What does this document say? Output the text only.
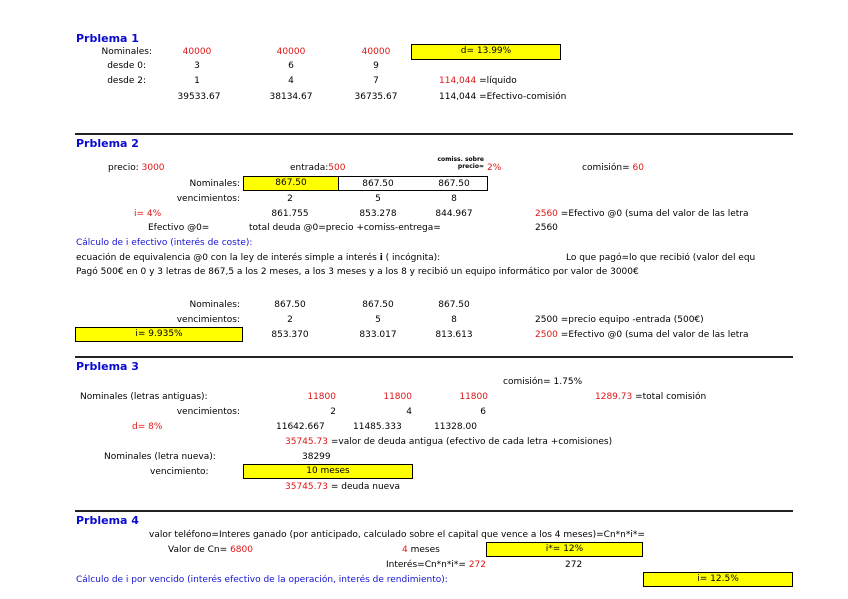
Prblema 1
Nominales:	40000	40000	40000	d= 13.99%
desde 0:	3	6	9
desde 2:	1	4	7	114,044 =líquido
39533.67	38134.67	36735.67	114,044 =Efectivo-comisión
Prblema 2
precio: 3000	entrada:500
comiss. sobre
precio= 2%	comisión= 60
Nominales:	867.50	867.50	867.50
vencimientos:	2	5	8
i= 4%	861.755	853.278	844.967	2560 =Efectivo @0 (suma del valor de las letra
Efectivo @0=	total deuda @0=precio +comiss-entrega=	2560
Cálculo de i efectivo (interés de coste):
ecuación de equivalencia @0 con la ley de interés simple a interés i ( incógnita):	Lo que pagó=lo que recibió (valor del equ
Pagó 500€ en 0 y 3 letras de 867,5 a los 2 meses, a los 3 meses y a los 8 y recibió un equipo informático por valor de 3000€
Nominales:	867.50	867.50	867.50
vencimientos:	2	5	8	2500 =precio equipo -entrada (500€)
i= 9.935%	853.370	833.017	813.613	2500 =Efectivo @0 (suma del valor de las letra
Prblema 3
comisión= 1.75%
Nominales (letras antiguas):	11800	11800	11800	1289.73 =total comisión
vencimientos:	2	4	6
d= 8%	11642.667	11485.333	11328.00
35745.73 =valor de deuda antigua (efectivo de cada letra +comisiones)
Nominales (letra nueva):	38299
vencimiento:	10 meses
35745.73 = deuda nueva
Prblema 4
valor teléfono=Interes ganado (por anticipado, calculado sobre el capital que vence a los 4 meses)=Cn*n*i*=
Valor de Cn= 6800	4 meses	i*= 12%
Interés=Cn*n*i*= 272	272
Cálculo de i por vencido (interés efectivo de la operación, interés de rendimiento):	i= 12.5%
